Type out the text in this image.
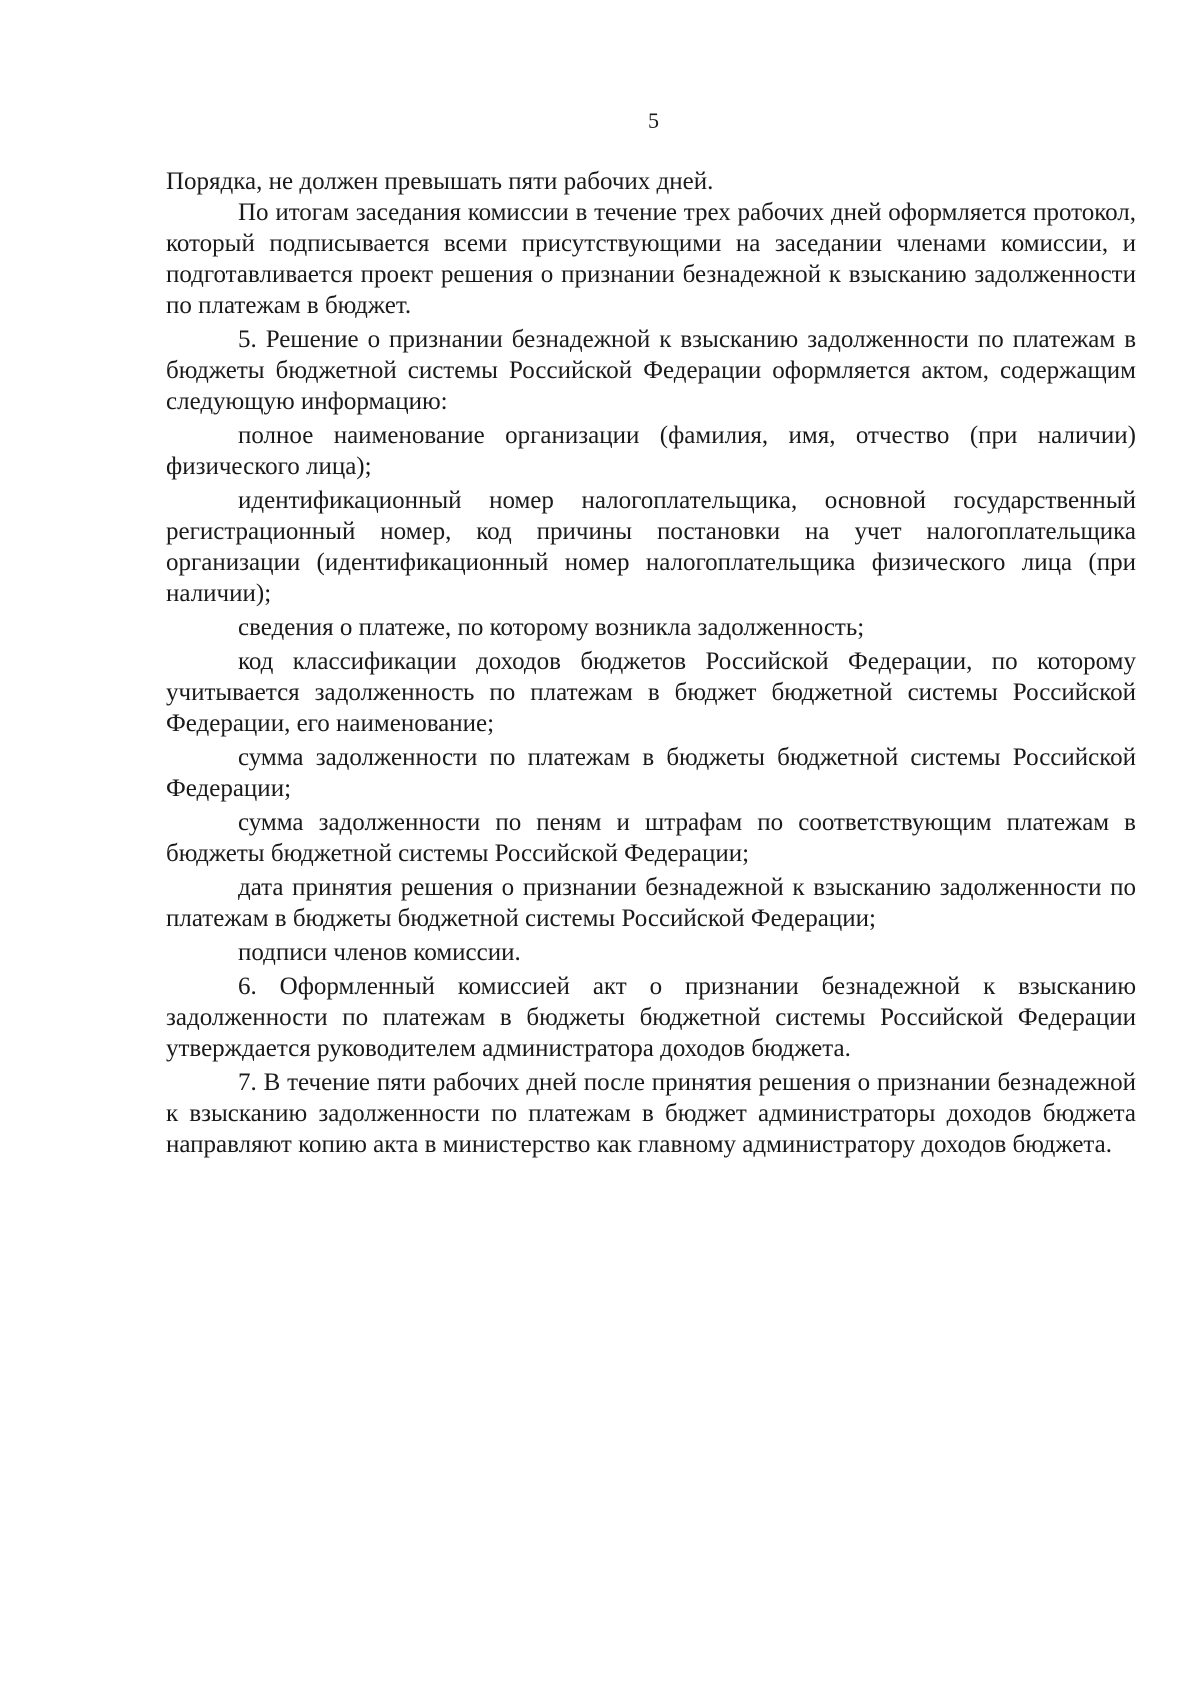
5

Порядка, не должен превышать пяти рабочих дней.

По итогам заседания комиссии в течение трех рабочих дней оформляется протокол, который подписывается всеми присутствующими на заседании членами комиссии, и подготавливается проект решения о признании безнадежной к взысканию задолженности по платежам в бюджет.

5. Решение о признании безнадежной к взысканию задолженности по платежам в бюджеты бюджетной системы Российской Федерации оформляется актом, содержащим следующую информацию:

полное наименование организации (фамилия, имя, отчество (при наличии) физического лица);

идентификационный номер налогоплательщика, основной государственный регистрационный номер, код причины постановки на учет налогоплательщика организации (идентификационный номер налогоплательщика физического лица (при наличии);

сведения о платеже, по которому возникла задолженность;

код классификации доходов бюджетов Российской Федерации, по которому учитывается задолженность по платежам в бюджет бюджетной системы Российской Федерации, его наименование;

сумма задолженности по платежам в бюджеты бюджетной системы Российской Федерации;

сумма задолженности по пеням и штрафам по соответствующим платежам в бюджеты бюджетной системы Российской Федерации;

дата принятия решения о признании безнадежной к взысканию задолженности по платежам в бюджеты бюджетной системы Российской Федерации;

подписи членов комиссии.

6. Оформленный комиссией акт о признании безнадежной к взысканию задолженности по платежам в бюджеты бюджетной системы Российской Федерации утверждается руководителем администратора доходов бюджета.

7. В течение пяти рабочих дней после принятия решения о признании безнадежной к взысканию задолженности по платежам в бюджет администраторы доходов бюджета направляют копию акта в министерство как главному администратору доходов бюджета.
